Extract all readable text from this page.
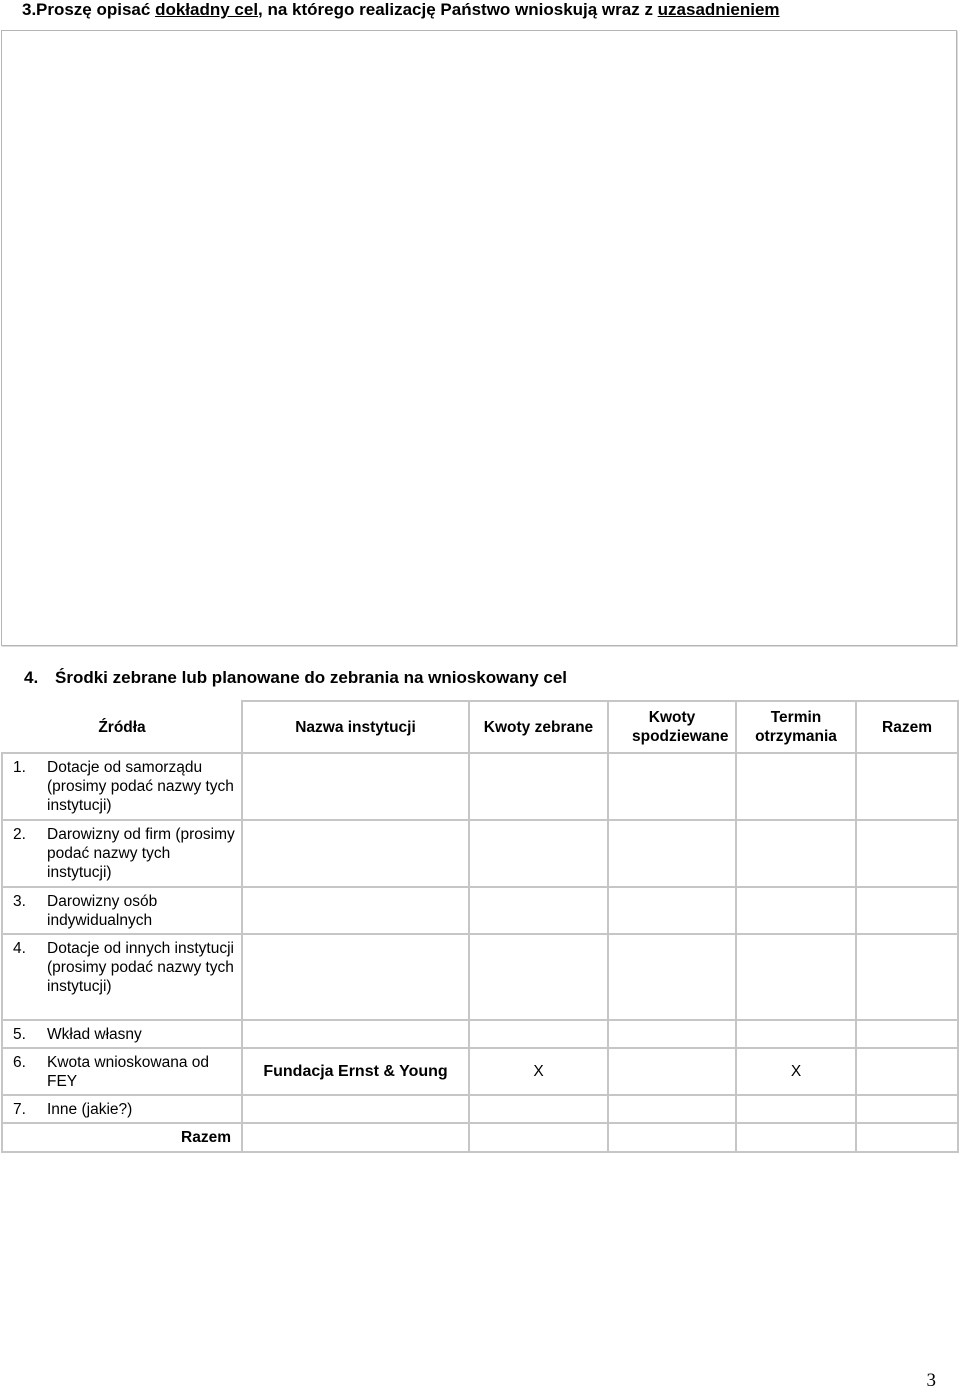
3.Proszę opisać dokładny cel, na którego realizację Państwo wnioskują wraz z uzasadnieniem
4. Środki zebrane lub planowane do zebrania na wnioskowany cel
Źródła	Nazwa instytucji	Kwoty zebrane	Kwoty spodziewane	Termin otrzymania	Razem

1. Dotacje od samorządu (prosimy podać nazwy tych instytucji)					

2. Darowizny od firm (prosimy podać nazwy tych instytucji)					

3. Darowizny osób indywidualnych					

4. Dotacje od innych instytucji (prosimy podać nazwy tych instytucji)					

5. Wkład własny					

6. Kwota wnioskowana od FEY	Fundacja Ernst & Young	X		X	

7. Inne (jakie?)					

Razem					
3
